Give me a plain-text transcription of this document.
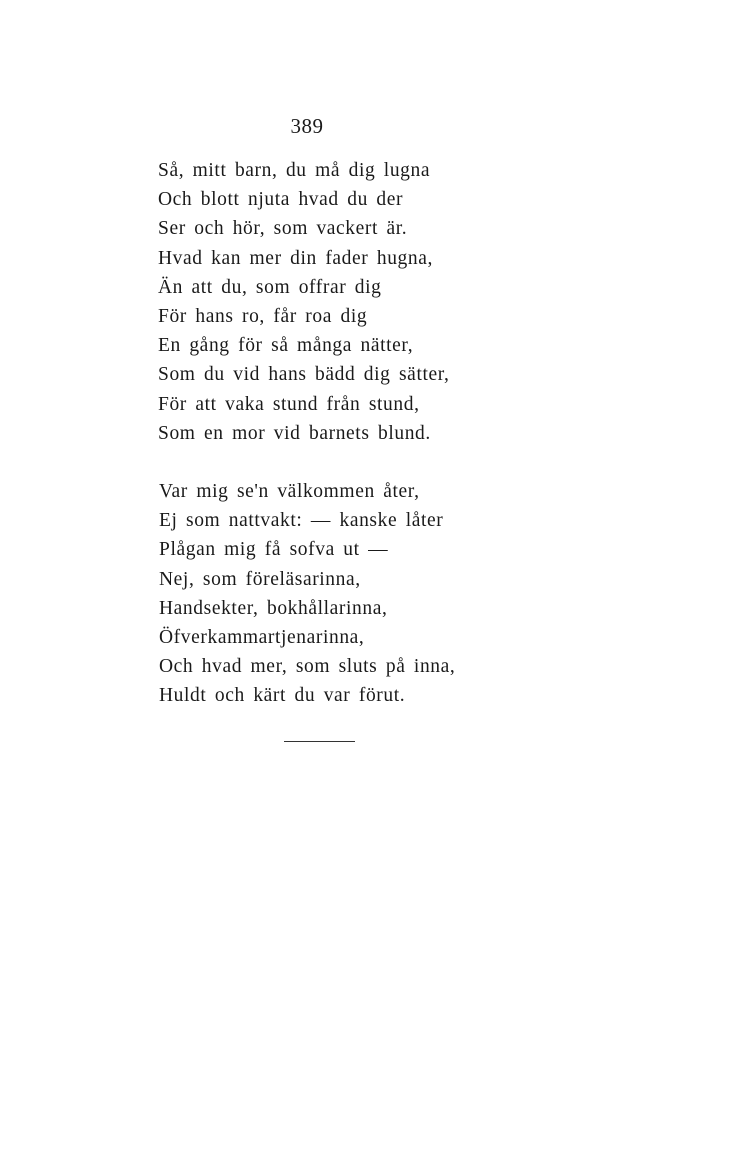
389
Så, mitt barn, du må dig lugna
Och blott njuta hvad du der
Ser och hör, som vackert är.
Hvad kan mer din fader hugna,
Än att du, som offrar dig
För hans ro, får roa dig
En gång för så många nätter,
Som du vid hans bädd dig sätter,
För att vaka stund från stund,
Som en mor vid barnets blund.
Var mig se'n välkommen åter,
Ej som nattvakt: — kanske låter
Plågan mig få sofva ut —
Nej, som föreläsarinna,
Handsekter, bokhållarinna,
Öfverkammartjenarinna,
Och hvad mer, som sluts på inna,
Huldt och kärt du var förut.
